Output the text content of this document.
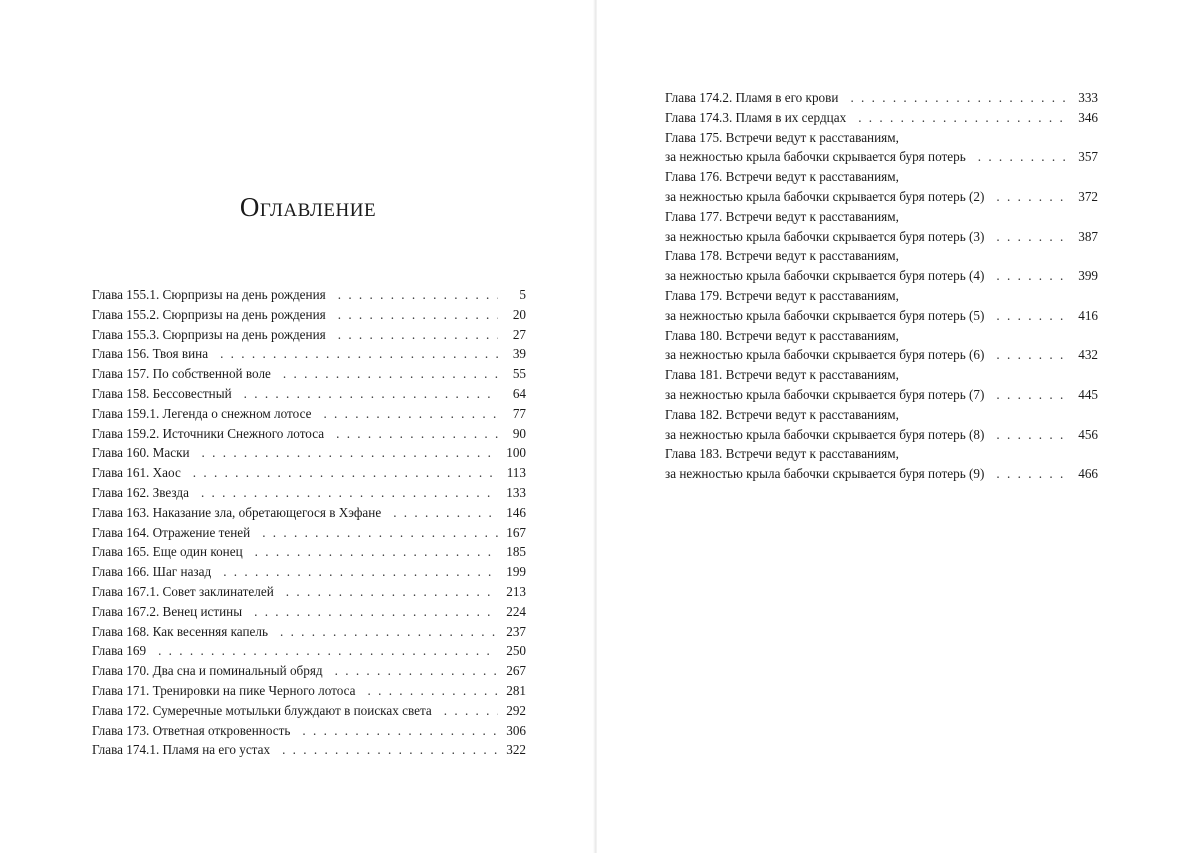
Оглавление
Глава 155.1. Сюрпризы на день рождения . . .	5
Глава 155.2. Сюрпризы на день рождения . . .	20
Глава 155.3. Сюрпризы на день рождения . . .	27
Глава 156. Твоя вина . . .	39
Глава 157. По собственной воле . . .	55
Глава 158. Бессовестный . . .	64
Глава 159.1. Легенда о снежном лотосе . . .	77
Глава 159.2. Источники Снежного лотоса . . .	90
Глава 160. Маски . . .	100
Глава 161. Хаос . . .	113
Глава 162. Звезда . . .	133
Глава 163. Наказание зла, обретающегося в Хэфане . . .	146
Глава 164. Отражение теней . . .	167
Глава 165. Еще один конец . . .	185
Глава 166. Шаг назад . . .	199
Глава 167.1. Совет заклинателей . . .	213
Глава 167.2. Венец истины . . .	224
Глава 168. Как весенняя капель . . .	237
Глава 169 . . .	250
Глава 170. Два сна и поминальный обряд . . .	267
Глава 171. Тренировки на пике Черного лотоса . . .	281
Глава 172. Сумеречные мотыльки блуждают в поисках света . . .	292
Глава 173. Ответная откровенность . . .	306
Глава 174.1. Пламя на его устах . . .	322
Глава 174.2. Пламя в его крови . . .	333
Глава 174.3. Пламя в их сердцах . . .	346
Глава 175. Встречи ведут к расставаниям,
за нежностью крыла бабочки скрывается буря потерь . . .	357
Глава 176. Встречи ведут к расставаниям,
за нежностью крыла бабочки скрывается буря потерь (2) . . .	372
Глава 177. Встречи ведут к расставаниям,
за нежностью крыла бабочки скрывается буря потерь (3) . . .	387
Глава 178. Встречи ведут к расставаниям,
за нежностью крыла бабочки скрывается буря потерь (4) . . .	399
Глава 179. Встречи ведут к расставаниям,
за нежностью крыла бабочки скрывается буря потерь (5) . . .	416
Глава 180. Встречи ведут к расставаниям,
за нежностью крыла бабочки скрывается буря потерь (6) . . .	432
Глава 181. Встречи ведут к расставаниям,
за нежностью крыла бабочки скрывается буря потерь (7) . . .	445
Глава 182. Встречи ведут к расставаниям,
за нежностью крыла бабочки скрывается буря потерь (8) . . .	456
Глава 183. Встречи ведут к расставаниям,
за нежностью крыла бабочки скрывается буря потерь (9) . . .	466
